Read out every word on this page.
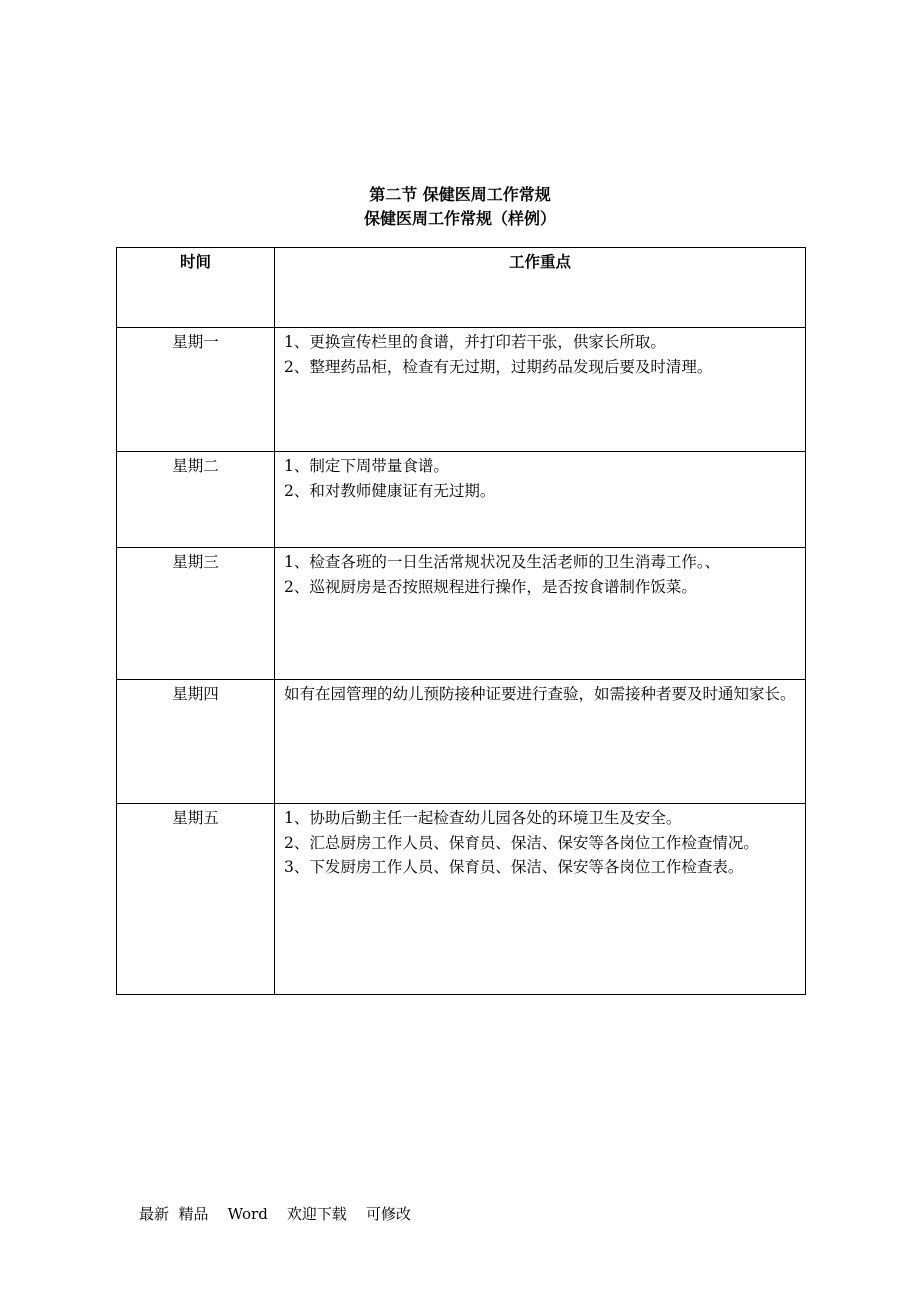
第二节 保健医周工作常规
保健医周工作常规（样例）
时间	工作重点
星期一	1、更换宣传栏里的食谱，并打印若干张，供家长所取。
2、整理药品柜，检查有无过期，过期药品发现后要及时清理。

星期二	1、制定下周带量食谱。
2、和对教师健康证有无过期。

星期三	1、检查各班的一日生活常规状况及生活老师的卫生消毒工作。、
2、巡视厨房是否按照规程进行操作，是否按食谱制作饭菜。

星期四	如有在园管理的幼儿预防接种证要进行查验，如需接种者要及时通知家长。

星期五	1、协助后勤主任一起检查幼儿园各处的环境卫生及安全。
2、汇总厨房工作人员、保育员、保洁、保安等各岗位工作检查情况。
3、下发厨房工作人员、保育员、保洁、保安等各岗位工作检查表。
最新  精品    Word    欢迎下载    可修改
